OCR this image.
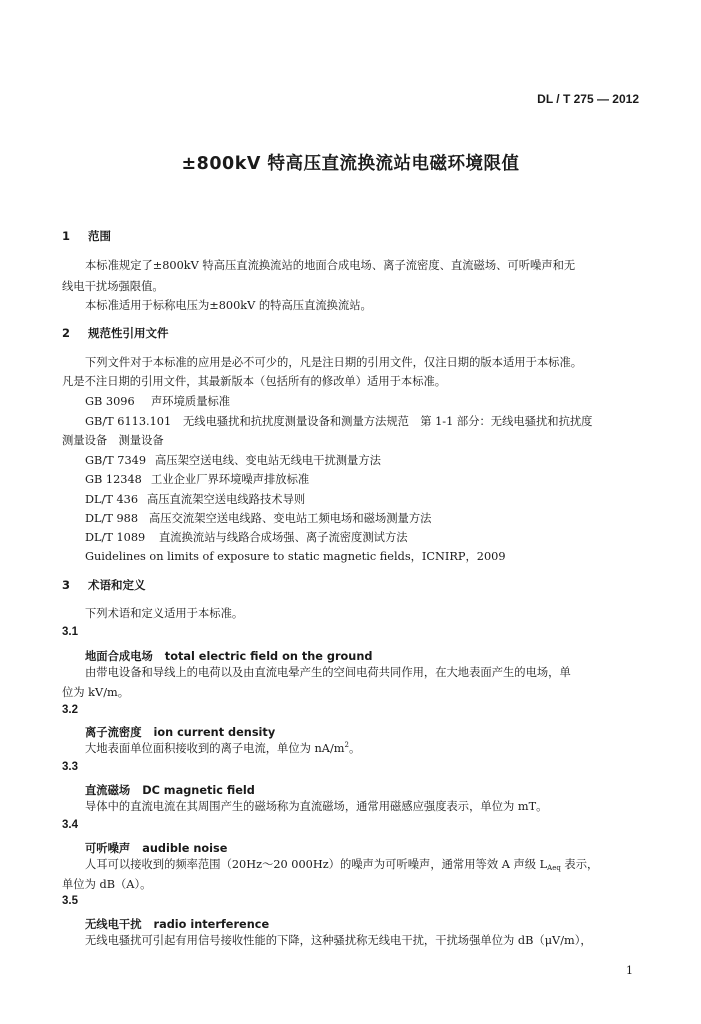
DL / T 275 — 2012
±800kV 特高压直流换流站电磁环境限值
1 范围
本标准规定了±800kV 特高压直流换流站的地面合成电场、离子流密度、直流磁场、可听噪声和无
线电干扰场强限值。
本标准适用于标称电压为±800kV 的特高压直流换流站。
2 规范性引用文件
下列文件对于本标准的应用是必不可少的，凡是注日期的引用文件，仅注日期的版本适用于本标准。
凡是不注日期的引用文件，其最新版本（包括所有的修改单）适用于本标准。
GB 3096 声环境质量标准
GB/T 6113.101 无线电骚扰和抗扰度测量设备和测量方法规范　第 1-1 部分：无线电骚扰和抗扰度
测量设备　测量设备
GB/T 7349 高压架空送电线、变电站无线电干扰测量方法
GB 12348 工业企业厂界环境噪声排放标准
DL/T 436 高压直流架空送电线路技术导则
DL/T 988 高压交流架空送电线路、变电站工频电场和磁场测量方法
DL/T 1089 直流换流站与线路合成场强、离子流密度测试方法
Guidelines on limits of exposure to static magnetic fields，ICNIRP，2009
3 术语和定义
下列术语和定义适用于本标准。
3.1
地面合成电场 total electric field on the ground
由带电设备和导线上的电荷以及由直流电晕产生的空间电荷共同作用，在大地表面产生的电场，单
位为 kV/m。
3.2
离子流密度 ion current density
大地表面单位面积接收到的离子电流，单位为 $nA/m^2$。
3.3
直流磁场 DC magnetic field
导体中的直流电流在其周围产生的磁场称为直流磁场，通常用磁感应强度表示，单位为 mT。
3.4
可听噪声 audible noise
人耳可以接收到的频率范围（20Hz～20 000Hz）的噪声为可听噪声，通常用等效 A 声级 LAeq 表示，
单位为 dB（A）。
3.5
无线电干扰 radio interference
无线电骚扰可引起有用信号接收性能的下降，这种骚扰称无线电干扰，干扰场强单位为 dB（μV/m），
1
